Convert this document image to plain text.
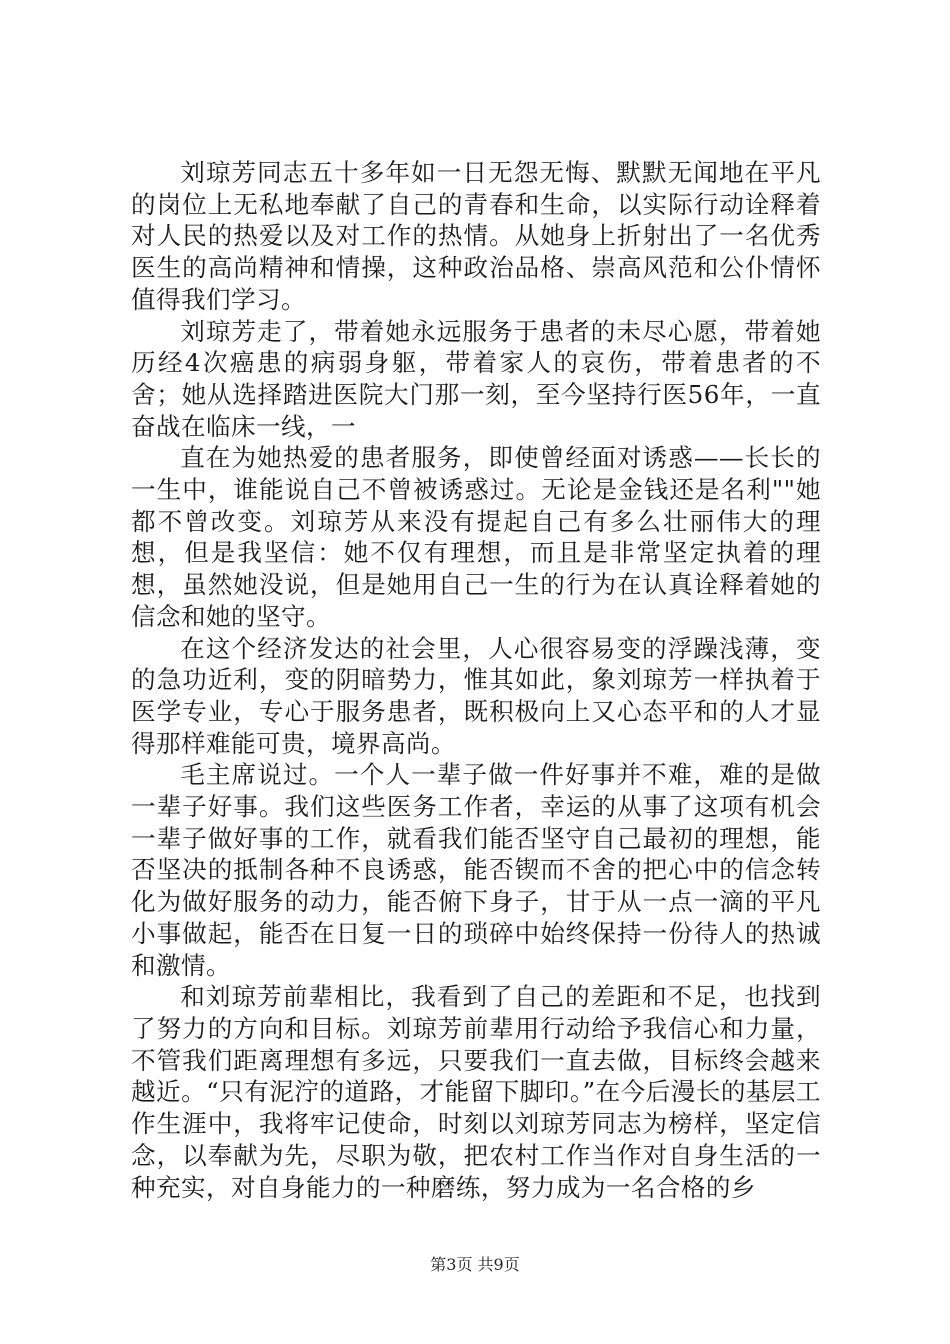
刘琼芳同志五十多年如一日无怨无悔、默默无闻地在平凡的岗位上无私地奉献了自己的青春和生命，以实际行动诠释着对人民的热爱以及对工作的热情。从她身上折射出了一名优秀医生的高尚精神和情操，这种政治品格、崇高风范和公仆情怀值得我们学习。

刘琼芳走了，带着她永远服务于患者的未尽心愿，带着她历经4次癌患的病弱身躯，带着家人的哀伤，带着患者的不舍；她从选择踏进医院大门那一刻，至今坚持行医56年，一直奋战在临床一线，一

直在为她热爱的患者服务，即使曾经面对诱惑——长长的一生中，谁能说自己不曾被诱惑过。无论是金钱还是名利""她都不曾改变。刘琼芳从来没有提起自己有多么壮丽伟大的理想，但是我坚信：她不仅有理想，而且是非常坚定执着的理想，虽然她没说，但是她用自己一生的行为在认真诠释着她的信念和她的坚守。

在这个经济发达的社会里，人心很容易变的浮躁浅薄，变的急功近利，变的阴暗势力，惟其如此，象刘琼芳一样执着于医学专业，专心于服务患者，既积极向上又心态平和的人才显得那样难能可贵，境界高尚。

毛主席说过。一个人一辈子做一件好事并不难，难的是做一辈子好事。我们这些医务工作者，幸运的从事了这项有机会一辈子做好事的工作，就看我们能否坚守自己最初的理想，能否坚决的抵制各种不良诱惑，能否锲而不舍的把心中的信念转化为做好服务的动力，能否俯下身子，甘于从一点一滴的平凡小事做起，能否在日复一日的琐碎中始终保持一份待人的热诚和激情。

和刘琼芳前辈相比，我看到了自己的差距和不足，也找到了努力的方向和目标。刘琼芳前辈用行动给予我信心和力量，不管我们距离理想有多远，只要我们一直去做，目标终会越来越近。“只有泥泞的道路，才能留下脚印。”在今后漫长的基层工作生涯中，我将牢记使命，时刻以刘琼芳同志为榜样，坚定信念，以奉献为先，尽职为敬，把农村工作当作对自身生活的一种充实，对自身能力的一种磨练，努力成为一名合格的乡

第3页 共9页
